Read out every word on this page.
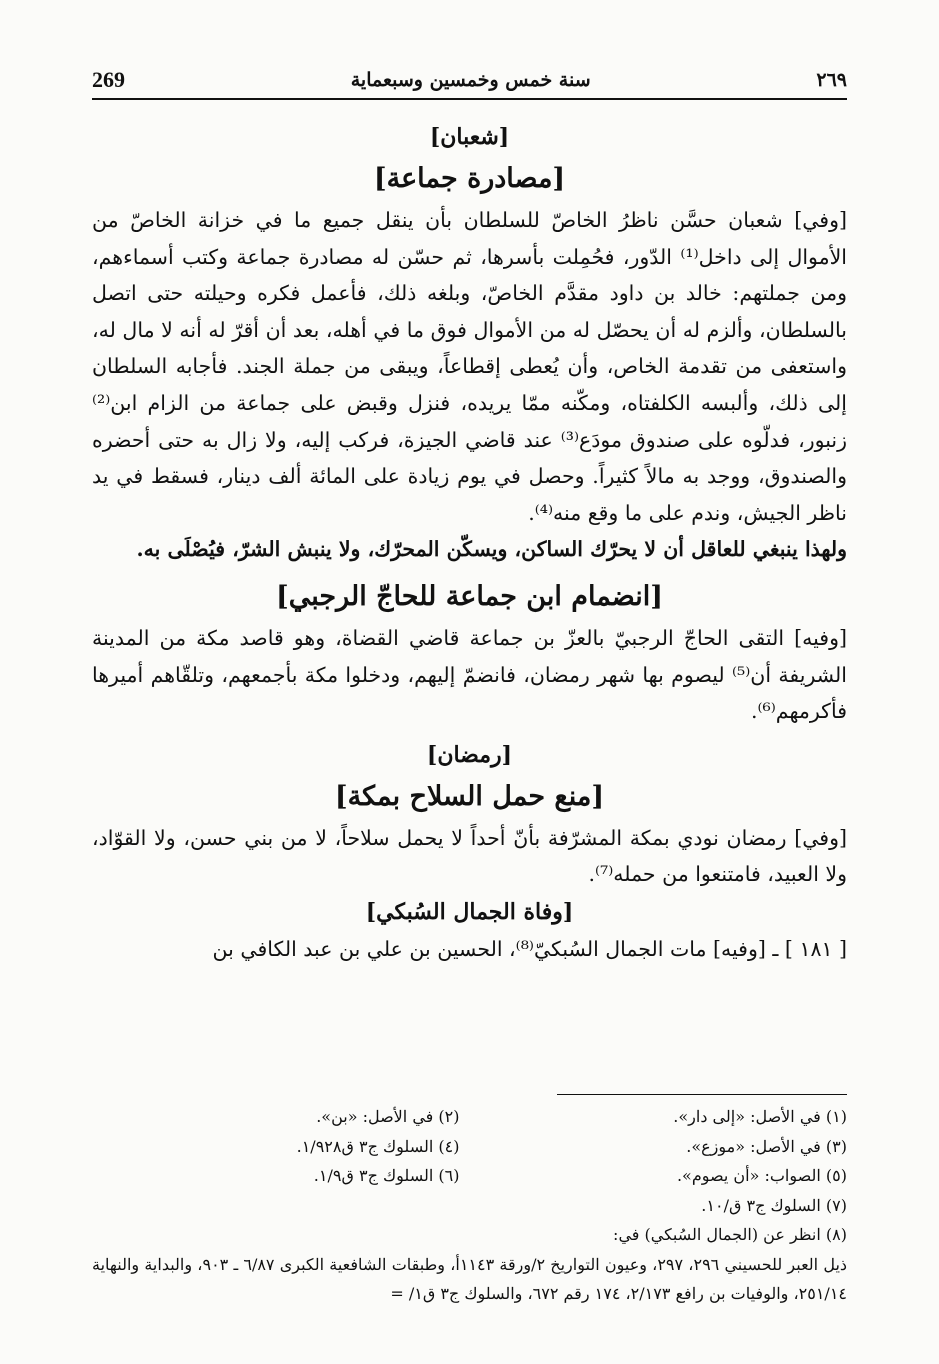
269	سنة خمس وخمسين وسبعماية	٢٦٩
[شعبان]
[مصادرة جماعة]

[وفي] شعبان حسَّن ناظرُ الخاصّ للسلطان بأن ينقل جميع ما في خزانة الخاصّ من الأموال إلى داخل⁽¹⁾ الدّور، فحُمِلت بأسرها، ثم حسّن له مصادرة جماعة وكتب أسماءهم، ومن جملتهم: خالد بن داود مقدَّم الخاصّ، وبلغه ذلك، فأعمل فكره وحيلته حتى اتصل بالسلطان، وألزم له أن يحصّل له من الأموال فوق ما في أهله، بعد أن أقرّ له أنه لا مال له، واستعفى من تقدمة الخاص، وأن يُعطى إقطاعاً، ويبقى من جملة الجند. فأجابه السلطان إلى ذلك، وألبسه الكلفتاه، ومكّنه ممّا يريده، فنزل وقبض على جماعة من الزام ابن⁽²⁾ زنبور، فدلّوه على صندوق مودَع⁽³⁾ عند قاضي الجيزة، فركب إليه، ولا زال به حتى أحضره والصندوق، ووجد به مالاً كثيراً. وحصل في يوم زيادة على المائة ألف دينار، فسقط في يد ناظر الجيش، وندم على ما وقع منه⁽⁴⁾.

ولهذا ينبغي للعاقل أن لا يحرّك الساكن، ويسكّن المحرّك، ولا ينبش الشرّ، فيُصْلَى به.

[انضمام ابن جماعة للحاجّ الرجبي]

[وفيه] التقى الحاجّ الرجبيّ بالعزّ بن جماعة قاضي القضاة، وهو قاصد مكة من المدينة الشريفة أن⁽⁵⁾ ليصوم بها شهر رمضان، فانضمّ إليهم، ودخلوا مكة بأجمعهم، وتلقّاهم أميرها فأكرمهم⁽⁶⁾.

[رمضان]
[منع حمل السلاح بمكة]

[وفي] رمضان نودي بمكة المشرّفة بأنّ أحداً لا يحمل سلاحاً، لا من بني حسن، ولا القوّاد، ولا العبيد، فامتنعوا من حمله⁽⁷⁾.

[وفاة الجمال السُبكي]

[ ١٨١ ] ـ [وفيه] مات الجمال السُبكيّ⁽⁸⁾، الحسين بن علي بن عبد الكافي بن

(١) في الأصل: «إلى دار».
(٢) في الأصل: «بن».
(٣) في الأصل: «موزع».
(٤) السلوك ج٣ ق١/٩٢٨.
(٥) الصواب: «أن يصوم».
(٦) السلوك ج٣ ق١/٩.
(٧) السلوك ج٣ ق/١٠.
(٨) انظر عن (الجمال السُبكي) في:
ذيل العبر للحسيني ٢٩٦، ٢٩٧، وعيون التواريخ ٢/ورقة ١١٤٣أ، وطبقات الشافعية الكبرى ٦/٨٧ ـ ٩٠٣، والبداية والنهاية ٢٥١/١٤، والوفيات بن رافع ٢/١٧٣، ١٧٤ رقم ٦٧٢، والسلوك ج٣ ق١/ =
